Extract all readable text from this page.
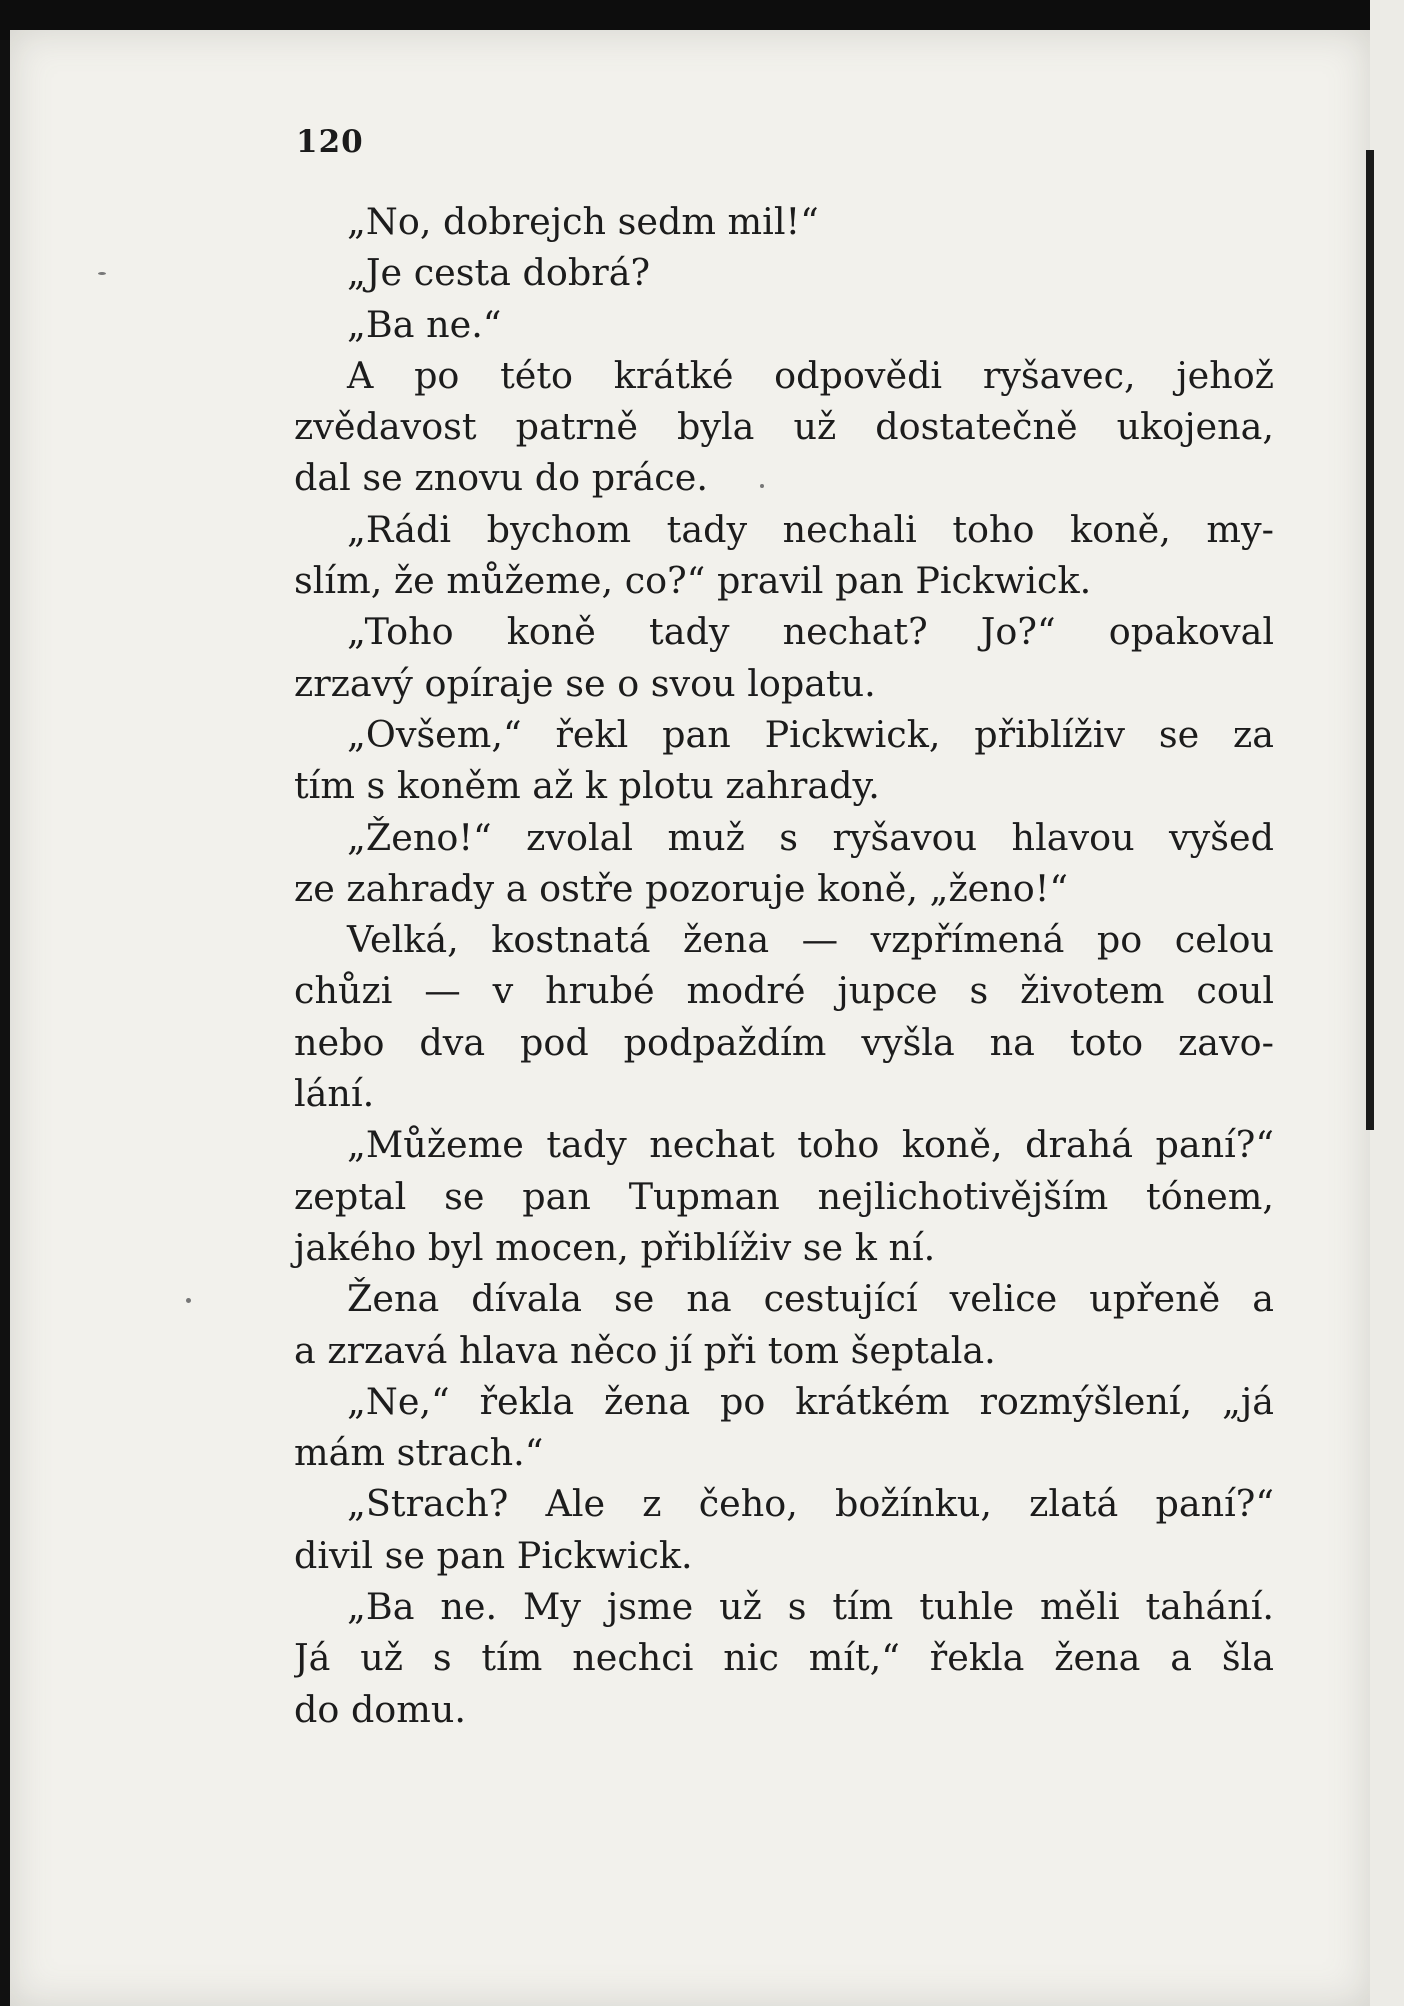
120
„No, dobrejch sedm mil!“
„Je cesta dobrá?
„Ba ne.“
A po této krátké odpovědi ryšavec, jehož
zvědavost patrně byla už dostatečně ukojena,
dal se znovu do práce.
„Rádi bychom tady nechali toho koně, my-
slím, že můžeme, co?“ pravil pan Pickwick.
„Toho koně tady nechat? Jo?“ opakoval
zrzavý opíraje se o svou lopatu.
„Ovšem,“ řekl pan Pickwick, přiblíživ se za
tím s koněm až k plotu zahrady.
„Ženo!“ zvolal muž s ryšavou hlavou vyšed
ze zahrady a ostře pozoruje koně, „ženo!“
Velká, kostnatá žena — vzpřímená po celou
chůzi — v hrubé modré jupce s životem coul
nebo dva pod podpaždím vyšla na toto zavo-
lání.
„Můžeme tady nechat toho koně, drahá paní?“
zeptal se pan Tupman nejlichotivějším tónem,
jakého byl mocen, přiblíživ se k ní.
Žena dívala se na cestující velice upřeně a
a zrzavá hlava něco jí při tom šeptala.
„Ne,“ řekla žena po krátkém rozmýšlení, „já
mám strach.“
„Strach? Ale z čeho, božínku, zlatá paní?“
divil se pan Pickwick.
„Ba ne. My jsme už s tím tuhle měli tahání.
Já už s tím nechci nic mít,“ řekla žena a šla
do domu.
